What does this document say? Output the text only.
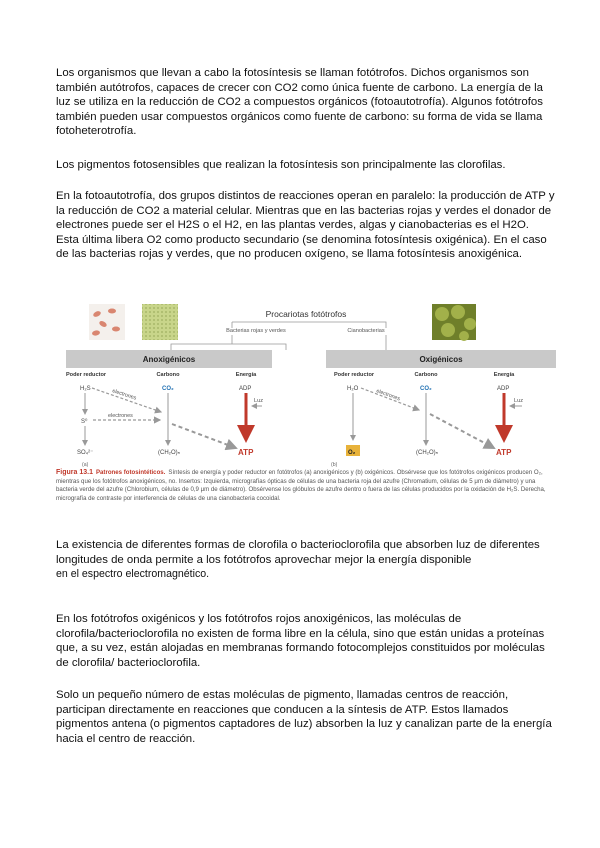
Los organismos que llevan a cabo la fotosíntesis se llaman fotótrofos. Dichos organismos son también autótrofos, capaces de crecer con CO2 como única fuente de carbono. La energía de la luz se utiliza en la reducción de CO2 a compuestos orgánicos (fotoautotrofía). Algunos fotótrofos también pueden usar compuestos orgánicos como fuente de carbono: su forma de vida se llama fotoheterotrofía.

Los pigmentos fotosensibles que realizan la fotosíntesis son principalmente las clorofilas.

En la fotoautotrofía, dos grupos distintos de reacciones operan en paralelo: la producción de ATP y la reducción de CO2 a material celular. Mientras que en las bacterias rojas y verdes el donador de electrones puede ser el H2S o el H2, en las plantas verdes, algas y cianobacterias es el H2O.
Esta última libera O2 como producto secundario (se denomina fotosíntesis oxigénica). En el caso de las bacterias rojas y verdes, que no producen oxígeno, se llama fotosíntesis anoxigénica.
Procariotas fotótrofos
Bacterias rojas y verdes	Cianobacterias
Anoxigénicos
Poder reductor	Carbono	Energía
H₂S
S⁰
SO₄²⁻
CO₂
(CH₂O)ₙ
electrones
electrones
ADP
Luz
ATP
(a)
Oxigénicos
Poder reductor	Carbono	Energía
H₂O
O₂
CO₂
(CH₂O)ₙ
electrones	ADP
Luz
ATP
(b)

Figura 13.1 Patrones fotosintéticos. Síntesis de energía y poder reductor en fotótrofos (a) anoxigénicos y (b) oxigénicos. Obsérvese que los fotótrofos oxigénicos producen O₂, mientras que los fotótrofos anoxigénicos, no. Insertos: Izquierda, micrografías ópticas de células de una bacteria roja del azufre (Chromatium, células de 5 μm de diámetro) y una bacteria verde del azufre (Chlorobium, células de 0,9 μm de diámetro). Obsérvense los glóbulos de azufre dentro o fuera de las células producidos por la oxidación de H₂S. Derecha, micrografía de contraste por interferencia de células de una cianobacteria cocoidal.

La existencia de diferentes formas de clorofila o bacterioclorofila que absorben luz de diferentes longitudes de onda permite a los fotótrofos aprovechar mejor la energía disponible
en el espectro electromagnético.

En los fotótrofos oxigénicos y los fotótrofos rojos anoxigénicos, las moléculas de clorofila/bacterioclorofila no existen de forma libre en la célula, sino que están unidas a proteínas que, a su vez, están alojadas en membranas formando fotocomplejos constituidos por moléculas de clorofila/ bacterioclorofila.

Solo un pequeño número de estas moléculas de pigmento, llamadas centros de reacción, participan directamente en reacciones que conducen a la síntesis de ATP. Estos llamados pigmentos antena (o pigmentos captadores de luz) absorben la luz y canalizan parte de la energía hacia el centro de reacción.
